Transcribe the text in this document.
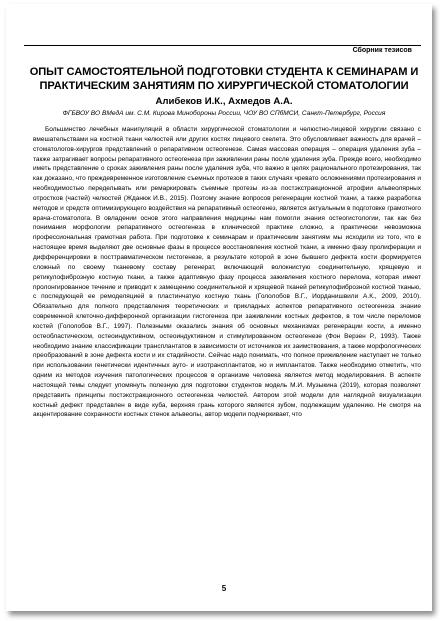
Сборник тезисов
ОПЫТ САМОСТОЯТЕЛЬНОЙ ПОДГОТОВКИ СТУДЕНТА К СЕМИНАРАМ И ПРАКТИЧЕСКИМ ЗАНЯТИЯМ ПО ХИРУРГИЧЕСКОЙ СТОМАТОЛОГИИ
Алибеков И.К., Ахмедов А.А.
ФГБВОУ ВО ВМедА им. С.М. Кирова Минобороны России, ЧОУ ВО СПбМСИ, Санкт-Петербург, Россия

Большинство лечебных манипуляций в области хирургической стоматологии и челюстно-лицевой хирургии связано с вмешательствами на костной ткани челюстей или других костях лицевого скелета. Это обусловливает важность для врачей – стоматологов-хирургов представлений о репаративном остеогенезе. Самая массовая операция – операция удаления зуба – также затрагивает вопросы репаративного остеогенеза при заживлении раны после удаления зуба. Прежде всего, необходимо иметь представление о сроках заживления раны после удаления зуба, что важно в целях рационального протезирования, так как доказано, что преждевременное изготовление съемных протезов в таких случаях чревато осложнениями протезирования и необходимостью переделывать или ремаркировать съемные протезы из-за постэкстракционной атрофии альвеолярных отростков (частей) челюстей (Жданюк И.В., 2015). Поэтому знание вопросов регенерации костной ткани, а также разработка методов и средств оптимизирующего воздействия на репаративный остеогенез, является актуальным в подготовке грамотного врача-стоматолога. В овладении основ этого направления медицины нам помогли знания остеогистологии, так как без понимания морфологии репаративного остеогенеза в клинической практике сложно, а практически невозможна профессиональная грамотная работа. При подготовке к семинарам и практическим занятиям мы исходили из того, что в настоящее время выделяют две основные фазы в процессе восстановления костной ткани, а именно фазу пролиферации и дифференцировки в посттравматическом гистогенезе, в результате которой в зоне бывшего дефекта кости формируется сложный по своему тканевому составу регенерат, включающий волокнистую соединительную, хрящевую и ретикулофиброзную костную ткани, а также адаптивную фазу процесса заживления костного перелома, которая имеет пролонгированное течение и приводит к замещению соединительной и хрящевой тканей ретикулофиброзной костной тканью, с последующей ее ремоделяцией в пластинчатую костную ткань (Гололобов В.Г., Иорданишвили А.К., 2009, 2010). Обязательно для полного представления теоретических и прикладных аспектов репаративного остеогенеза знание современной клеточно-дифферонной организации гистогенеза при заживлении костных дефектов, в том числе переломов костей (Гололобов В.Г., 1997). Полезными оказались знания об основных механизмах регенерации кости, а именно остеобластическом, остеоиндуктивном, остеоиндуктивном и стимулированном остеогенезе (Фон Верзен Р., 1993). Также необходимо знание классификации трансплантатов в зависимости от источников их заимствования, а также морфологических преобразований в зоне дефекта кости и их стадийности. Сейчас надо понимать, что полное приживление наступает не только при использовании генетически идентичных ауто- и изотрансплантатов, но и имплантатов. Также необходимо отметить, что одним из методов изучения патологических процессов в организме человека является метод моделирования. В аспекте настоящей темы следует упомянуть полезную для подготовки студентов модель М.И. Музыкина (2019), которая позволяет представить принципы постэкстракционного остеогенеза челюстей. Автором этой модели для наглядной визуализации костный дефект представлен в виде куба, верхняя грань которого является зубом, подлежащим удалению. Не смотря на акцентирование сохранности костных стенок альвеолы, автор модели подчеркивает, что

5
